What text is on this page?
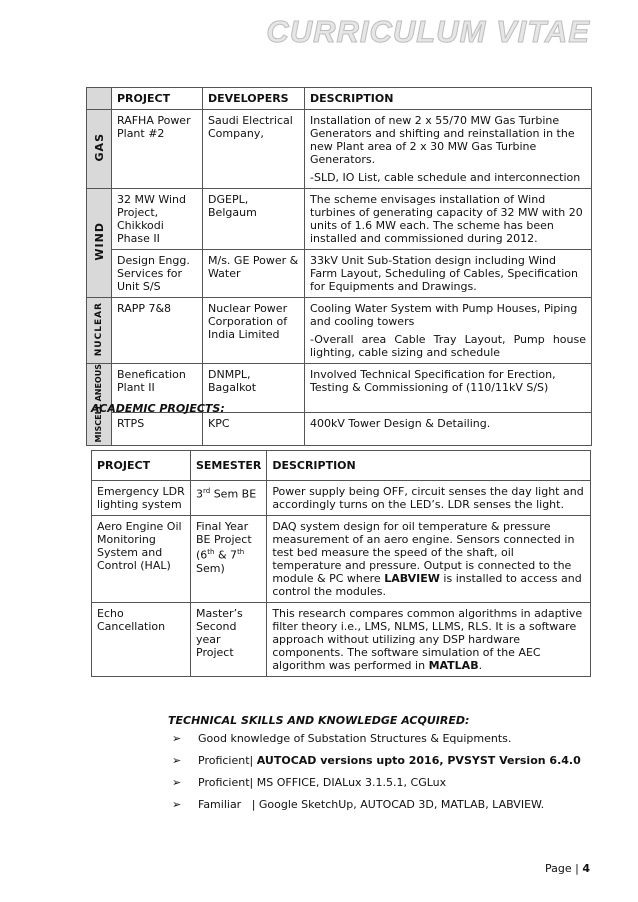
CURRICULUM VITAE
	PROJECT	DEVELOPERS	DESCRIPTION
GAS	RAFHA Power Plant #2	Saudi Electrical Company,	Installation of new 2 x 55/70 MW Gas Turbine Generators and shifting and reinstallation in the new Plant area of 2 x 30 MW Gas Turbine Generators.
-SLD, IO List, cable schedule and interconnection

WIND	32 MW Wind Project, Chikkodi Phase II	DGEPL, Belgaum	The scheme envisages installation of Wind turbines of generating capacity of 32 MW with 20 units of 1.6 MW each. The scheme has been installed and commissioned during 2012.
	Design Engg. Services for Unit S/S	M/s. GE Power & Water	33kV Unit Sub-Station design including Wind Farm Layout, Scheduling of Cables, Specification for Equipments and Drawings.
NUCLEAR	RAPP 7&8	Nuclear Power Corporation of India Limited	Cooling Water System with Pump Houses, Piping and cooling towers
-Overall area Cable Tray Layout, Pump house lighting, cable sizing and schedule

MISCELL ANEOUS	Benefication Plant II	DNMPL, Bagalkot	Involved Technical Specification for Erection, Testing & Commissioning of (110/11kV S/S)
	RTPS	KPC	400kV Tower Design & Detailing.
ACADEMIC PROJECTS:
PROJECT	SEMESTER	DESCRIPTION
Emergency LDR lighting system	3rd Sem BE	Power supply being OFF, circuit senses the day light and accordingly turns on the LED’s. LDR senses the light.
Aero Engine Oil Monitoring System and Control (HAL)	Final Year BE Project (6th & 7th Sem)	DAQ system design for oil temperature & pressure measurement of an aero engine. Sensors connected in test bed measure the speed of the shaft, oil temperature and pressure. Output is connected to the module & PC where LABVIEW is installed to access and control the modules.
Echo Cancellation	Master’s Second year Project	This research compares common algorithms in adaptive filter theory i.e., LMS, NLMS, LLMS, RLS. It is a software approach without utilizing any DSP hardware components. The software simulation of the AEC algorithm was performed in MATLAB.
TECHNICAL SKILLS AND KNOWLEDGE ACQUIRED:
➢ Good knowledge of Substation Structures & Equipments.
➢ Proficient| AUTOCAD versions upto 2016, PVSYST Version 6.4.0
➢ Proficient| MS OFFICE, DIALux 3.1.5.1, CGLux
➢ Familiar   | Google SketchUp, AUTOCAD 3D, MATLAB, LABVIEW.
Page | 4
